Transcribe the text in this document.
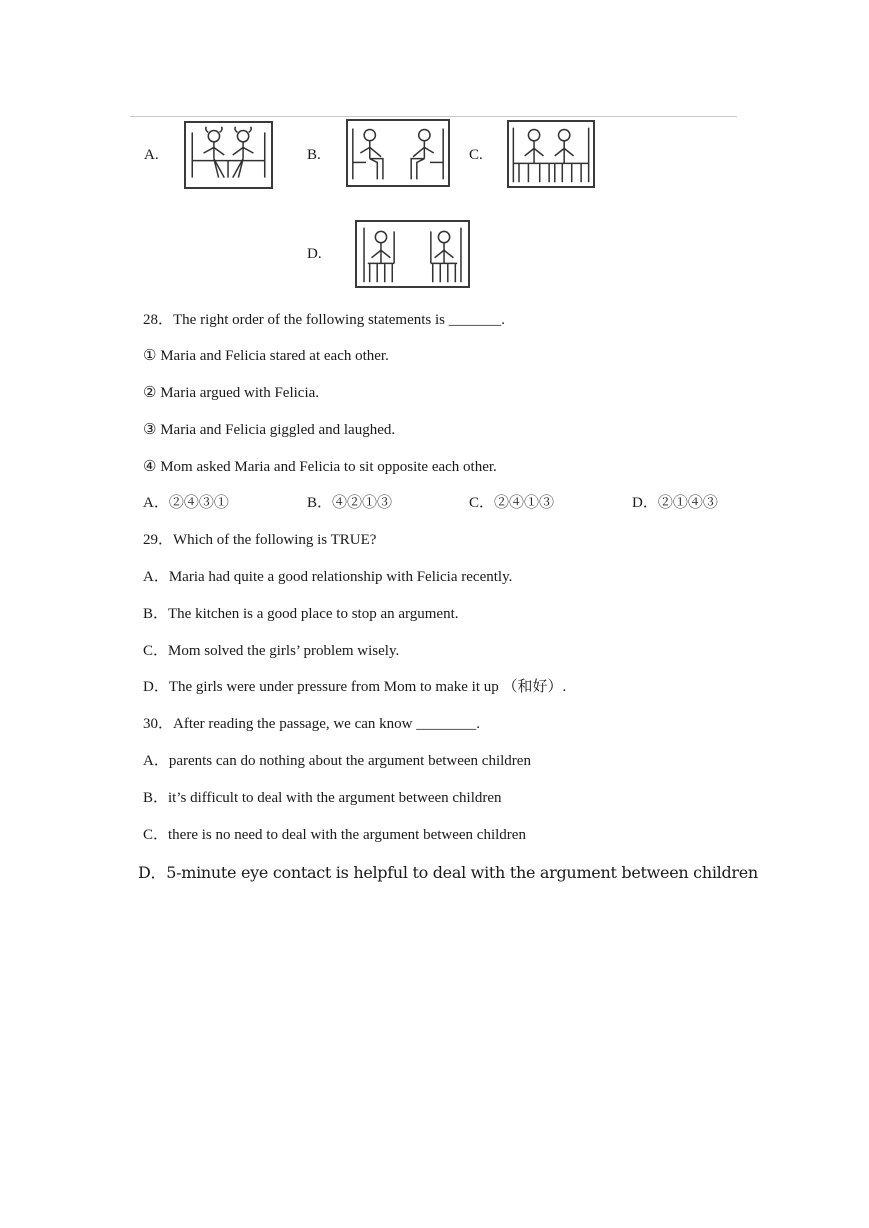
A.	B.	C.
D.
28．The right order of the following statements is _______.
① Maria and Felicia stared at each other.
② Maria argued with Felicia.
③ Maria and Felicia giggled and laughed.
④ Mom asked Maria and Felicia to sit opposite each other.
A．②④③①	B．④②①③	C．②④①③	D．②①④③
29．Which of the following is TRUE?
A．Maria had quite a good relationship with Felicia recently.
B．The kitchen is a good place to stop an argument.
C．Mom solved the girls’ problem wisely.
D．The girls were under pressure from Mom to make it up （和好）.
30．After reading the passage, we can know ________.
A．parents can do nothing about the argument between children
B．it’s difficult to deal with the argument between children
C．there is no need to deal with the argument between children
D．5-minute eye contact is helpful to deal with the argument between children
